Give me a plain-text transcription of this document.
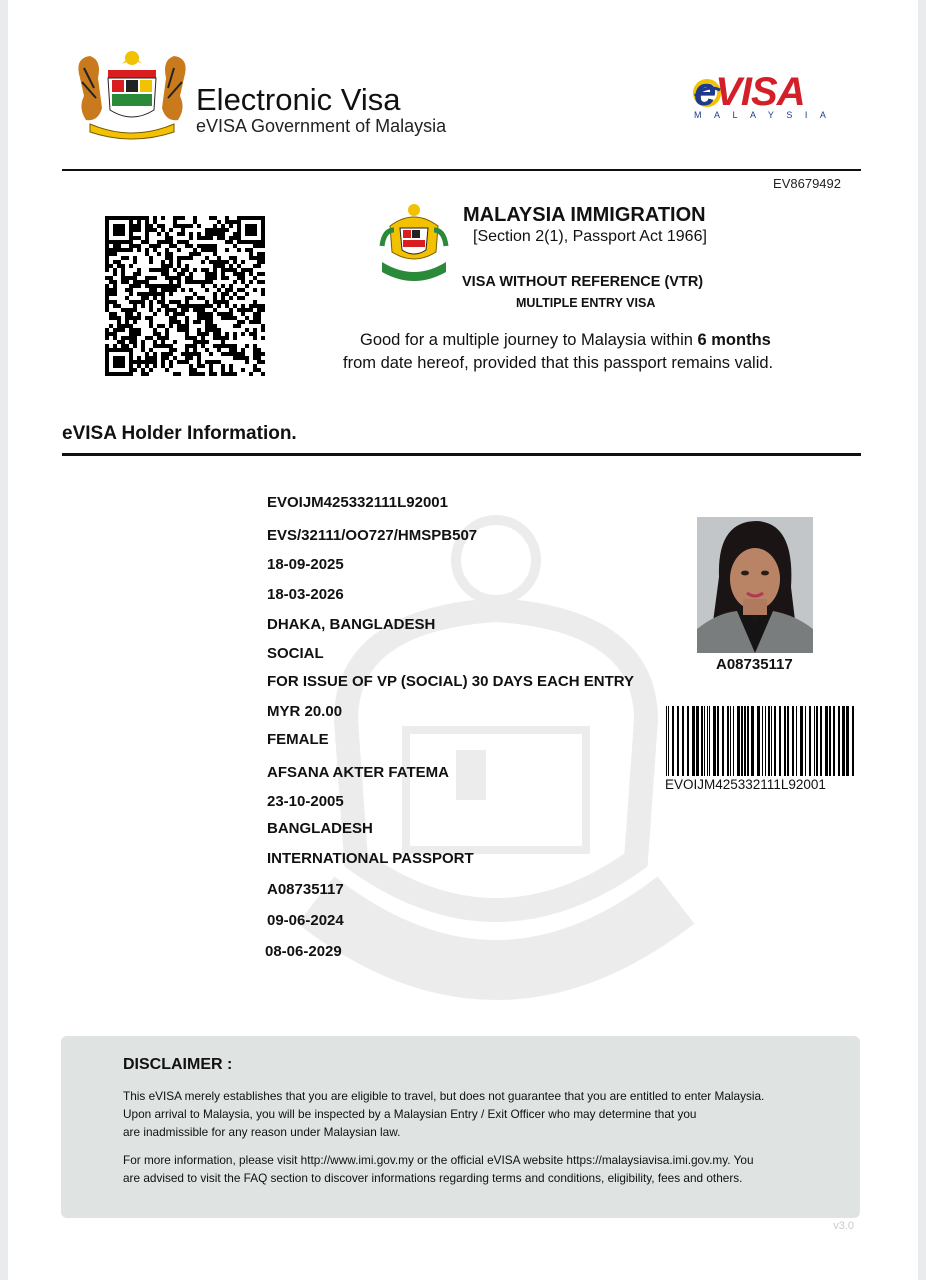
Electronic Visa
eVISA Government of Malaysia
eVISA
MALAYSIA
EV8679492
MALAYSIA IMMIGRATION
[Section 2(1), Passport Act 1966]
VISA WITHOUT REFERENCE (VTR)
MULTIPLE ENTRY VISA
Good for a multiple journey to Malaysia within 6 months
from date hereof, provided that this passport remains valid.
eVISA Holder Information.
EVOIJM425332111L92001
EVS/32111/OO727/HMSPB507
18-09-2025
18-03-2026
DHAKA, BANGLADESH
SOCIAL
FOR ISSUE OF VP (SOCIAL) 30 DAYS EACH ENTRY
MYR 20.00
FEMALE
AFSANA AKTER FATEMA
23-10-2005
BANGLADESH
INTERNATIONAL PASSPORT
A08735117
09-06-2024
08-06-2029
A08735117
EVOIJM425332111L92001
DISCLAIMER :
This eVISA merely establishes that you are eligible to travel, but does not guarantee that you are entitled to enter Malaysia.
Upon arrival to Malaysia, you will be inspected by a Malaysian Entry / Exit Officer who may determine that you
are inadmissible for any reason under Malaysian law.
For more information, please visit http://www.imi.gov.my or the official eVISA website https://malaysiavisa.imi.gov.my. You
are advised to visit the FAQ section to discover informations regarding terms and conditions, eligibility, fees and others.
v3.0
